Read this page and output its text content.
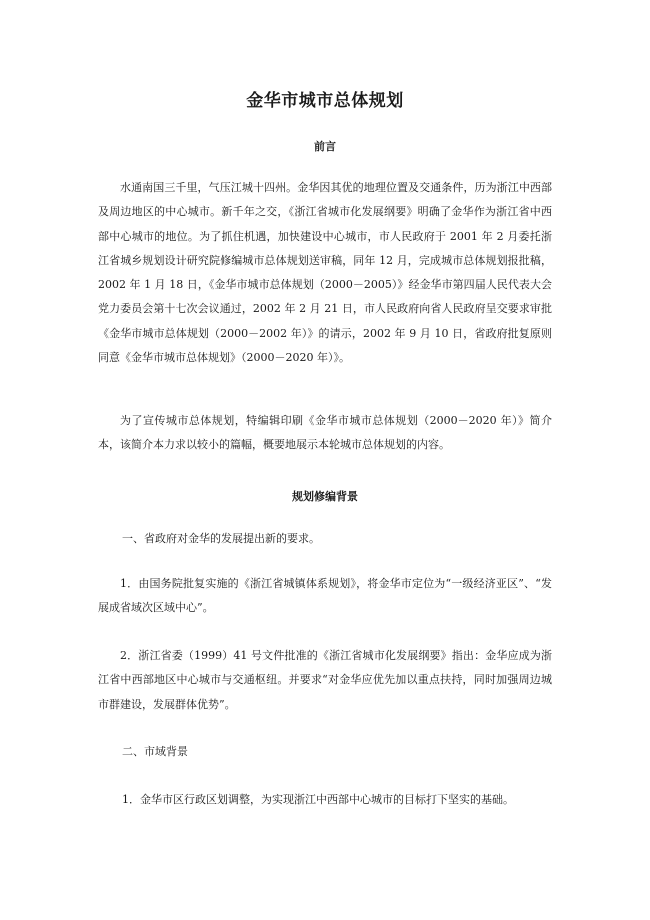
金华市城市总体规划
前言

水通南国三千里，气压江城十四州。金华因其优的地理位置及交通条件，历为浙江中西部及周边地区的中心城市。新千年之交，《浙江省城市化发展纲要》明确了金华作为浙江省中西部中心城市的地位。为了抓住机遇，加快建设中心城市，市人民政府于 2001 年 2 月委托浙江省城乡规划设计研究院修编城市总体规划送审稿，同年 12 月，完成城市总体规划报批稿，2002 年 1 月 18 日，《金华市城市总体规划（2000－2005）》经金华市第四届人民代表大会党力委员会第十七次会议通过，2002 年 2 月 21 日，市人民政府向省人民政府呈交要求审批《金华市城市总体规划（2000－2002 年）》的请示，2002 年 9 月 10 日，省政府批复原则同意《金华市城市总体规划》（2000－2020 年）》。

为了宣传城市总体规划，特编辑印刷《金华市城市总体规划（2000－2020 年）》简介本，该简介本力求以较小的篇幅，概要地展示本轮城市总体规划的内容。

规划修编背景

一、省政府对金华的发展提出新的要求。

1．由国务院批复实施的《浙江省城镇体系规划》，将金华市定位为“一级经济亚区”、“发展成省域次区域中心”。

2．浙江省委（1999）41 号文件批准的《浙江省城市化发展纲要》指出：金华应成为浙江省中西部地区中心城市与交通枢纽。并要求“对金华应优先加以重点扶持，同时加强周边城市群建设，发展群体优势”。

二、市域背景

1．金华市区行政区划调整，为实现浙江中西部中心城市的目标打下坚实的基础。
